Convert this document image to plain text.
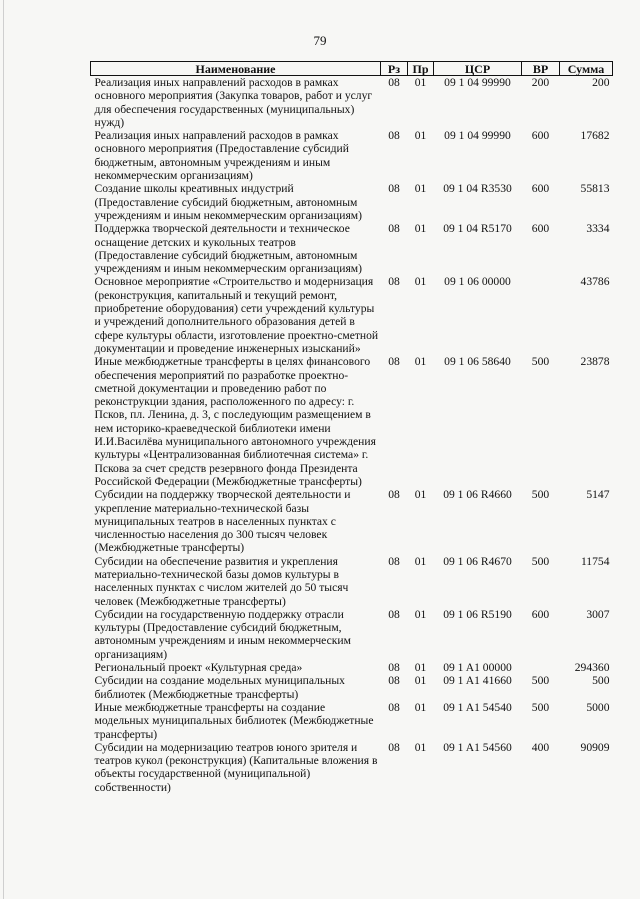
79
Наименование	Рз	Пр	ЦСР	ВР	Сумма
Реализация иных направлений расходов в рамках основного мероприятия (Закупка товаров, работ и услуг для обеспечения государственных (муниципальных) нужд)	08	01	09 1 04 99990	200	200
Реализация иных направлений расходов в рамках основного мероприятия (Предоставление субсидий бюджетным, автономным учреждениям и иным некоммерческим организациям)	08	01	09 1 04 99990	600	17682
Создание школы креативных индустрий (Предоставление субсидий бюджетным, автономным учреждениям и иным некоммерческим организациям)	08	01	09 1 04 R3530	600	55813
Поддержка творческой деятельности и техническое оснащение детских и кукольных театров (Предоставление субсидий бюджетным, автономным учреждениям и иным некоммерческим организациям)	08	01	09 1 04 R5170	600	3334
Основное мероприятие «Строительство и модернизация (реконструкция, капитальный и текущий ремонт, приобретение оборудования) сети учреждений культуры и учреждений дополнительного образования детей в сфере культуры области, изготовление проектно-сметной документации и проведение инженерных изысканий»	08	01	09 1 06 00000		43786
Иные межбюджетные трансферты в целях финансового обеспечения мероприятий по разработке проектно-сметной документации и проведению работ по реконструкции здания, расположенного по адресу: г. Псков, пл. Ленина, д. 3, с последующим размещением в нем историко-краеведческой библиотеки имени И.И.Василёва муниципального автономного учреждения культуры «Централизованная библиотечная система» г. Пскова за счет средств резервного фонда Президента Российской Федерации (Межбюджетные трансферты)	08	01	09 1 06 58640	500	23878
Субсидии на поддержку творческой деятельности и укрепление материально-технической базы муниципальных театров в населенных пунктах с численностью населения до 300 тысяч человек (Межбюджетные трансферты)	08	01	09 1 06 R4660	500	5147
Субсидии на обеспечение развития и укрепления материально-технической базы домов культуры в населенных пунктах с числом жителей до 50 тысяч человек (Межбюджетные трансферты)	08	01	09 1 06 R4670	500	11754
Субсидии на государственную поддержку отрасли культуры (Предоставление субсидий бюджетным, автономным учреждениям и иным некоммерческим организациям)	08	01	09 1 06 R5190	600	3007
Региональный проект «Культурная среда»	08	01	09 1 A1 00000		294360
Субсидии на создание модельных муниципальных библиотек (Межбюджетные трансферты)	08	01	09 1 A1 41660	500	500
Иные межбюджетные трансферты на создание модельных муниципальных библиотек (Межбюджетные трансферты)	08	01	09 1 A1 54540	500	5000
Субсидии на модернизацию театров юного зрителя и театров кукол (реконструкция) (Капитальные вложения в объекты государственной (муниципальной) собственности)	08	01	09 1 A1 54560	400	90909
